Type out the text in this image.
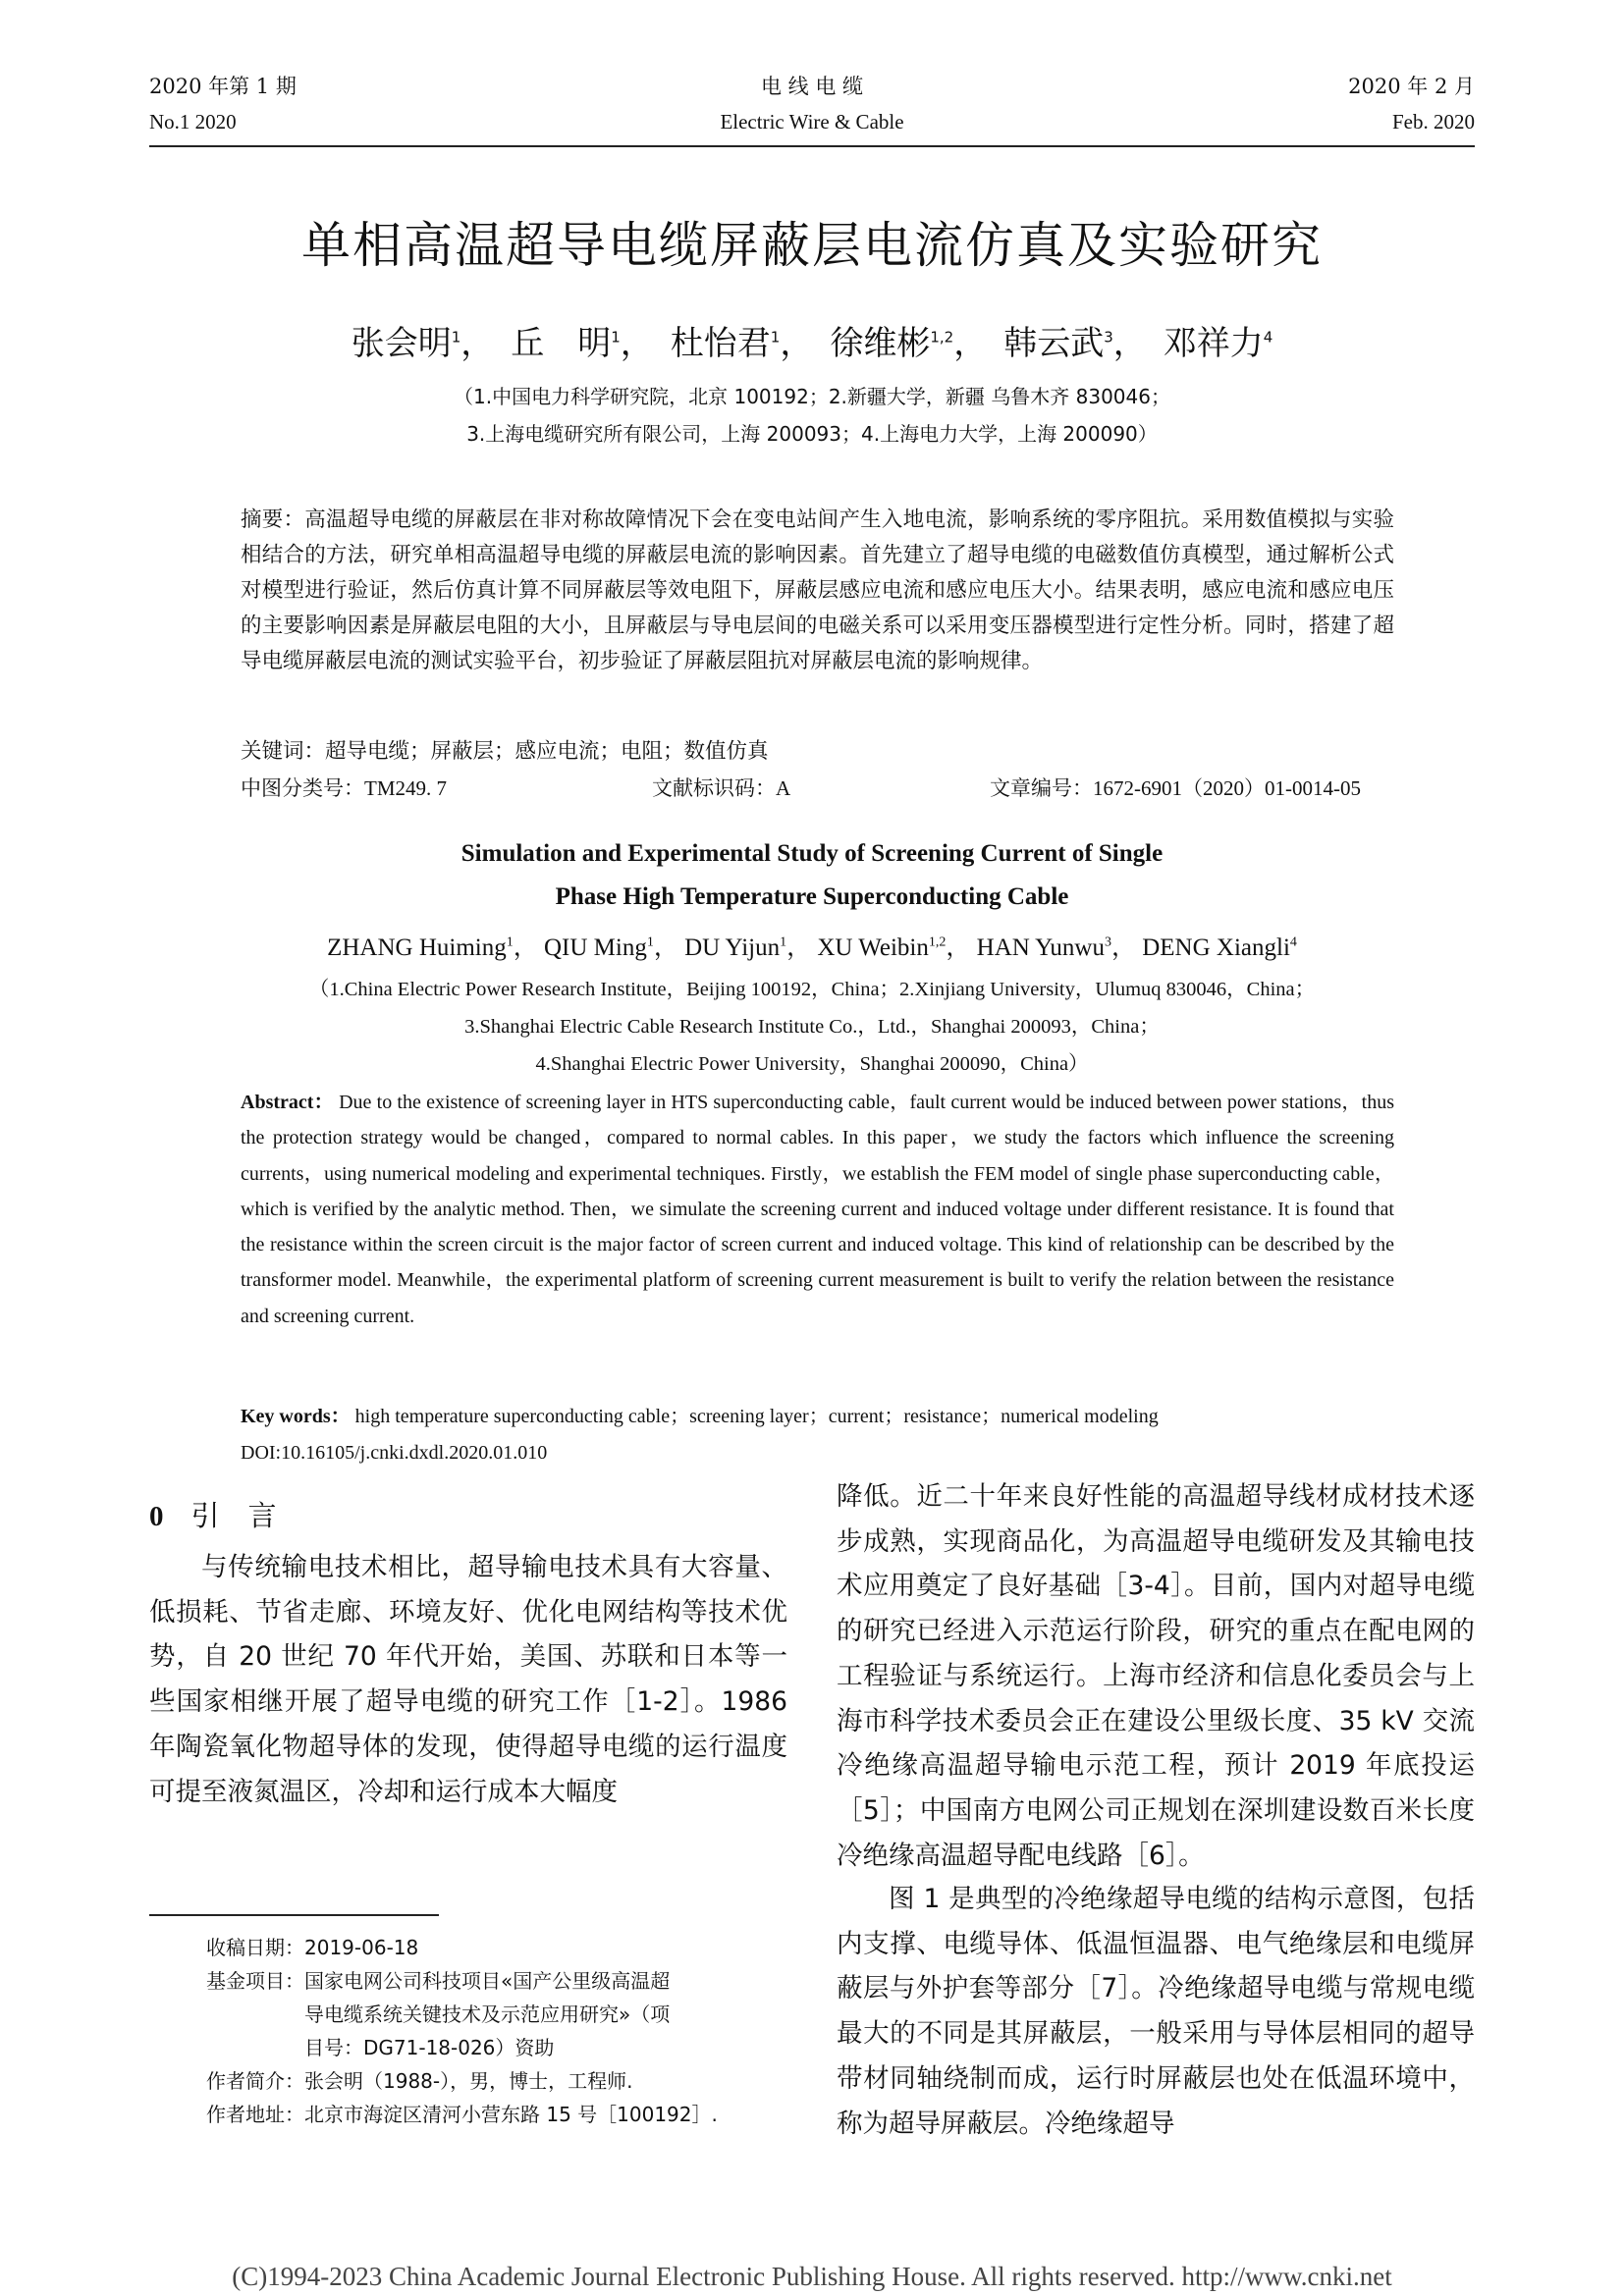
2020 年第 1 期
No.1 2020
电 线 电 缆
Electric Wire & Cable
2020 年 2 月
Feb. 2020
单相高温超导电缆屏蔽层电流仿真及实验研究
张会明$^1$，　丘　明$^1$，　杜怡君$^1$，　徐维彬$^{1,2}$，　韩云武$^3$，　邓祥力$^4$
（1.中国电力科学研究院，北京 100192；2.新疆大学，新疆 乌鲁木齐 830046；
3.上海电缆研究所有限公司，上海 200093；4.上海电力大学，上海 200090）
摘要：高温超导电缆的屏蔽层在非对称故障情况下会在变电站间产生入地电流，影响系统的零序阻抗。采用数值模拟与实验相结合的方法，研究单相高温超导电缆的屏蔽层电流的影响因素。首先建立了超导电缆的电磁数值仿真模型，通过解析公式对模型进行验证，然后仿真计算不同屏蔽层等效电阻下，屏蔽层感应电流和感应电压大小。结果表明，感应电流和感应电压的主要影响因素是屏蔽层电阻的大小，且屏蔽层与导电层间的电磁关系可以采用变压器模型进行定性分析。同时，搭建了超导电缆屏蔽层电流的测试实验平台，初步验证了屏蔽层阻抗对屏蔽层电流的影响规律。
关键词：超导电缆；屏蔽层；感应电流；电阻；数值仿真
中图分类号：TM249. 7	文献标识码：A	文章编号：1672-6901（2020）01-0014-05
Simulation and Experimental Study of Screening Current of Single
Phase High Temperature Superconducting Cable
ZHANG Huiming$^1$， QIU Ming$^1$， DU Yijun$^1$， XU Weibin$^{1,2}$， HAN Yunwu$^3$， DENG Xiangli$^4$
（1.China Electric Power Research Institute，Beijing 100192，China；2.Xinjiang University，Ulumuq 830046，China；
3.Shanghai Electric Cable Research Institute Co.，Ltd.，Shanghai 200093，China；
4.Shanghai Electric Power University，Shanghai 200090，China）
Abstract： Due to the existence of screening layer in HTS superconducting cable，fault current would be induced between power stations，thus the protection strategy would be changed，compared to normal cables. In this paper，we study the factors which influence the screening currents，using numerical modeling and experimental techniques. Firstly，we establish the FEM model of single phase superconducting cable，which is verified by the analytic method. Then，we simulate the screening current and induced voltage under different resistance. It is found that the resistance within the screen circuit is the major factor of screen current and induced voltage. This kind of relationship can be described by the transformer model. Meanwhile，the experimental platform of screening current measurement is built to verify the relation between the resistance and screening current.
Key words： high temperature superconducting cable；screening layer；current；resistance；numerical modeling
DOI:10.16105/j.cnki.dxdl.2020.01.010
0 引　言
与传统输电技术相比，超导输电技术具有大容量、低损耗、节省走廊、环境友好、优化电网结构等技术优势，自 20 世纪 70 年代开始，美国、苏联和日本等一些国家相继开展了超导电缆的研究工作［1-2］。1986 年陶瓷氧化物超导体的发现，使得超导电缆的运行温度可提至液氮温区，冷却和运行成本大幅度
降低。近二十年来良好性能的高温超导线材成材技术逐步成熟，实现商品化，为高温超导电缆研发及其输电技术应用奠定了良好基础［3-4］。目前，国内对超导电缆的研究已经进入示范运行阶段，研究的重点在配电网的工程验证与系统运行。上海市经济和信息化委员会与上海市科学技术委员会正在建设公里级长度、35 kV 交流冷绝缘高温超导输电示范工程，预计 2019 年底投运［5］；中国南方电网公司正规划在深圳建设数百米长度冷绝缘高温超导配电线路［6］。
图 1 是典型的冷绝缘超导电缆的结构示意图，包括内支撑、电缆导体、低温恒温器、电气绝缘层和电缆屏蔽层与外护套等部分［7］。冷绝缘超导电缆与常规电缆最大的不同是其屏蔽层，一般采用与导体层相同的超导带材同轴绕制而成，运行时屏蔽层也处在低温环境中，称为超导屏蔽层。冷绝缘超导
收稿日期：2019-06-18
基金项目：国家电网公司科技项目«国产公里级高温超
导电缆系统关键技术及示范应用研究»（项
目号：DG71-18-026）资助
作者简介：张会明（1988-），男，博士，工程师.
作者地址：北京市海淀区清河小营东路 15 号［100192］.
(C)1994-2023 China Academic Journal Electronic Publishing House. All rights reserved. http://www.cnki.net
